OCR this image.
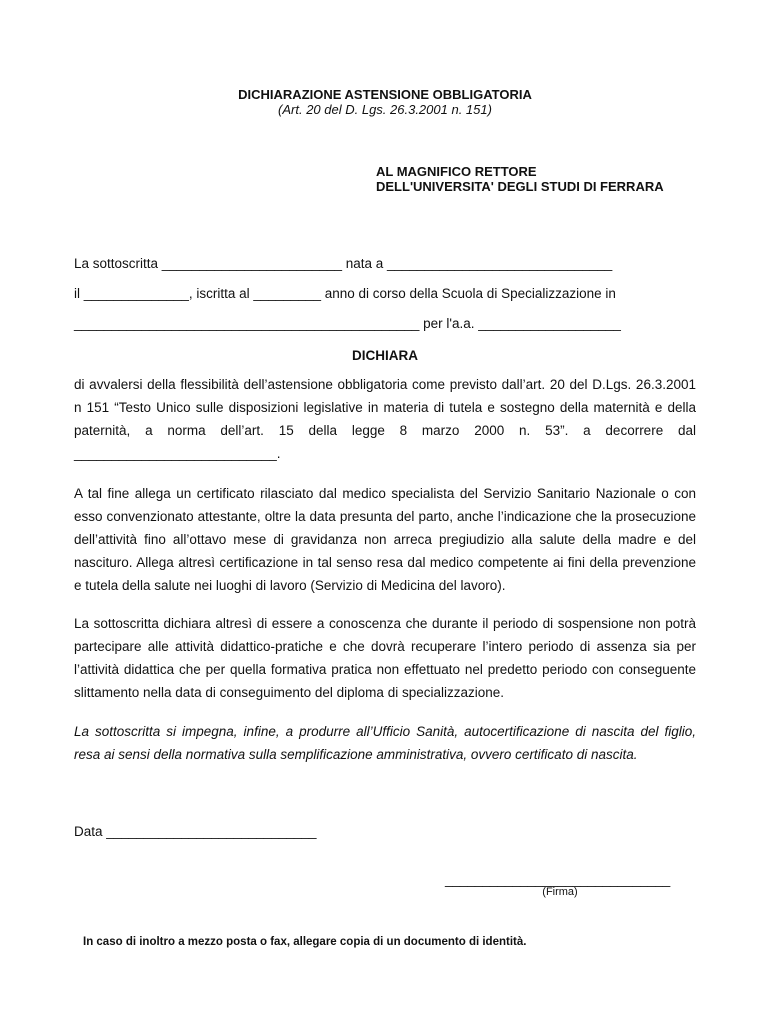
DICHIARAZIONE ASTENSIONE OBBLIGATORIA
(Art. 20 del D. Lgs. 26.3.2001 n. 151)
AL MAGNIFICO RETTORE
DELL'UNIVERSITA' DEGLI STUDI DI FERRARA
La sottoscritta ________________________ nata a ______________________________
il ______________, iscritta al _________ anno di corso della Scuola di Specializzazione in
______________________________________________ per l'a.a. ___________________
DICHIARA

di avvalersi della flessibilità dell’astensione obbligatoria come previsto dall’art. 20 del D.Lgs. 26.3.2001 n 151 “Testo Unico sulle disposizioni legislative in materia di tutela e sostegno della maternità e della paternità, a norma dell’art. 15 della legge 8 marzo 2000 n. 53”. a decorrere dal ___________________________.

A tal fine allega un certificato rilasciato dal medico specialista del Servizio Sanitario Nazionale o con esso convenzionato attestante, oltre la data presunta del parto, anche l’indicazione che la prosecuzione dell’attività fino all’ottavo mese di gravidanza non arreca pregiudizio alla salute della madre e del nascituro. Allega altresì certificazione in tal senso resa dal medico competente ai fini della prevenzione e tutela della salute nei luoghi di lavoro (Servizio di Medicina del lavoro).

La sottoscritta dichiara altresì di essere a conoscenza che durante il periodo di sospensione non potrà partecipare alle attività didattico-pratiche e che dovrà recuperare l’intero periodo di assenza sia per l’attività didattica che per quella formativa pratica non effettuato nel predetto periodo con conseguente slittamento nella data di conseguimento del diploma di specializzazione.

La sottoscritta si impegna, infine, a produrre all’Ufficio Sanità, autocertificazione di nascita del figlio, resa ai sensi della normativa sulla semplificazione amministrativa, ovvero certificato di nascita.

Data ____________________________
______________________________
(Firma)
In caso di inoltro a mezzo posta o fax, allegare copia di un documento di identità.
